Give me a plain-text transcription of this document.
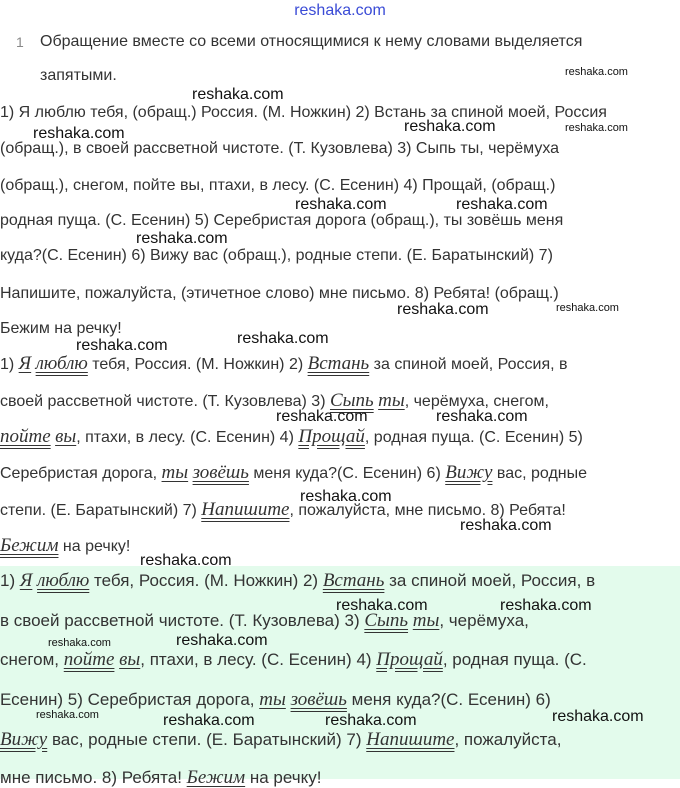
reshaka.com
1 Обращение вместе со всеми относящимися к нему словами выделяется

запятыми.

1) Я люблю тебя, (обращ.) Россия. (М. Ножкин) 2) Встань за спиной моей, Россия

(обращ.), в своей рассветной чистоте. (Т. Кузовлева) 3) Сыпь ты, черёмуха

(обращ.), снегом, пойте вы, птахи, в лесу. (С. Есенин) 4) Прощай, (обращ.)

родная пуща. (С. Есенин) 5) Серебристая дорога (обращ.), ты зовёшь меня

куда?(С. Есенин) 6) Вижу вас (обращ.), родные степи. (Е. Баратынский) 7)

Напишите, пожалуйста, (этичетное слово) мне письмо. 8) Ребята! (обращ.)

Бежим на речку!

1) Я люблю тебя, Россия. (М. Ножкин) 2) Встань за спиной моей, Россия, в

своей рассветной чистоте. (Т. Кузовлева) 3) Сыпь ты, черёмуха, снегом,

пойте вы, птахи, в лесу. (С. Есенин) 4) Прощай, родная пуща. (С. Есенин) 5)

Серебристая дорога, ты зовёшь меня куда?(С. Есенин) 6) Вижу вас, родные

степи. (Е. Баратынский) 7) Напишите, пожалуйста, мне письмо. 8) Ребята!

Бежим на речку!

1) Я люблю тебя, Россия. (М. Ножкин) 2) Встань за спиной моей, Россия, в

в своей рассветной чистоте. (Т. Кузовлева) 3) Сыпь ты, черёмуха,

снегом, пойте вы, птахи, в лесу. (С. Есенин) 4) Прощай, родная пуща. (С.

Есенин) 5) Серебристая дорога, ты зовёшь меня куда?(С. Есенин) 6)

Вижу вас, родные степи. (Е. Баратынский) 7) Напишите, пожалуйста,

мне письмо. 8) Ребята! Бежим на речку!

reshaka.com
reshaka.com
reshaka.com	reshaka.com	reshaka.com
reshaka.com	reshaka.com
reshaka.com
reshaka.com	reshaka.com
reshaka.com
reshaka.com
reshaka.com	reshaka.com
reshaka.com
reshaka.com
reshaka.com
reshaka.com	reshaka.com
reshaka.com
reshaka.com
reshaka.com	reshaka.com	reshaka.com	reshaka.com
